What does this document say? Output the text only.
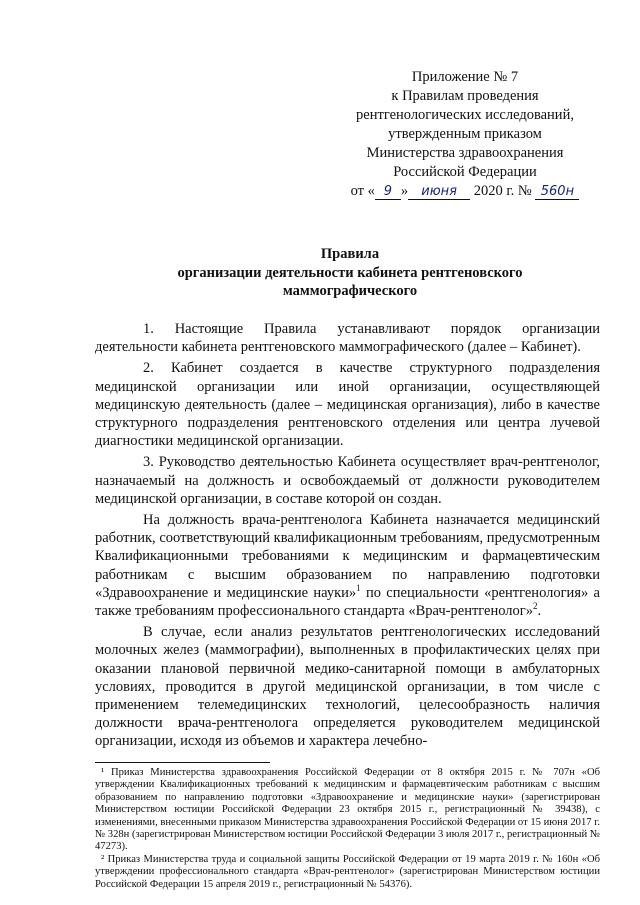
Приложение № 7
к Правилам проведения
рентгенологических исследований,
утвержденным приказом
Министерства здравоохранения
Российской Федерации
от « 9 » июня 2020 г. № 560н
Правила
организации деятельности кабинета рентгеновского
маммографического

1. Настоящие Правила устанавливают порядок организации деятельности кабинета рентгеновского маммографического (далее – Кабинет).

2. Кабинет создается в качестве структурного подразделения медицинской организации или иной организации, осуществляющей медицинскую деятельность (далее – медицинская организация), либо в качестве структурного подразделения рентгеновского отделения или центра лучевой диагностики медицинской организации.

3. Руководство деятельностью Кабинета осуществляет врач-рентгенолог, назначаемый на должность и освобождаемый от должности руководителем медицинской организации, в составе которой он создан.

На должность врача-рентгенолога Кабинета назначается медицинский работник, соответствующий квалификационным требованиям, предусмотренным Квалификационными требованиями к медицинским и фармацевтическим работникам с высшим образованием по направлению подготовки «Здравоохранение и медицинские науки»$^1$ по специальности «рентгенология» а также требованиям профессионального стандарта «Врач-рентгенолог»$^2$.

В случае, если анализ результатов рентгенологических исследований молочных желез (маммографии), выполненных в профилактических целях при оказании плановой первичной медико-санитарной помощи в амбулаторных условиях, проводится в другой медицинской организации, в том числе с применением телемедицинских технологий, целесообразность наличия должности врача-рентгенолога определяется руководителем медицинской организации, исходя из объемов и характера лечебно-

¹ Приказ Министерства здравоохранения Российской Федерации от 8 октября 2015 г. № 707н «Об утверждении Квалификационных требований к медицинским и фармацевтическим работникам с высшим образованием по направлению подготовки «Здравоохранение и медицинские науки» (зарегистрирован Министерством юстиции Российской Федерации 23 октября 2015 г., регистрационный № 39438), с изменениями, внесенными приказом Министерства здравоохранения Российской Федерации от 15 июня 2017 г. № 328н (зарегистрирован Министерством юстиции Российской Федерации 3 июля 2017 г., регистрационный № 47273).

² Приказ Министерства труда и социальной защиты Российской Федерации от 19 марта 2019 г. № 160н «Об утверждении профессионального стандарта «Врач-рентгенолог» (зарегистрирован Министерством юстиции Российской Федерации 15 апреля 2019 г., регистрационный № 54376).
